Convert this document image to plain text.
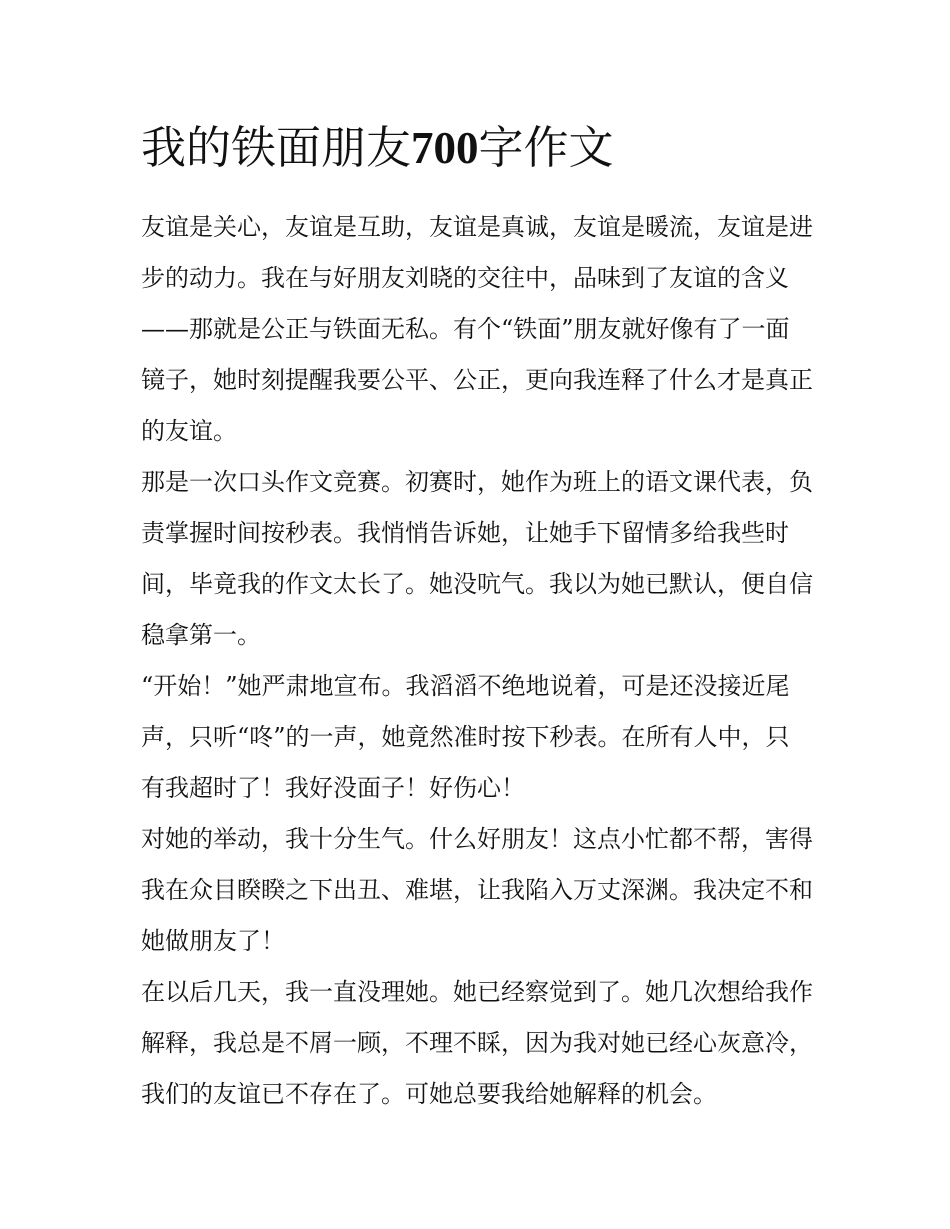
我的铁面朋友700字作文

友谊是关心，友谊是互助，友谊是真诚，友谊是暖流，友谊是进步的动力。我在与好朋友刘晓的交往中，品味到了友谊的含义——那就是公正与铁面无私。有个“铁面”朋友就好像有了一面镜子，她时刻提醒我要公平、公正，更向我连释了什么才是真正的友谊。

那是一次口头作文竞赛。初赛时，她作为班上的语文课代表，负责掌握时间按秒表。我悄悄告诉她，让她手下留情多给我些时间，毕竟我的作文太长了。她没吭气。我以为她已默认，便自信稳拿第一。

“开始！”她严肃地宣布。我滔滔不绝地说着，可是还没接近尾声，只听“咚”的一声，她竟然准时按下秒表。在所有人中，只有我超时了！我好没面子！好伤心！

对她的举动，我十分生气。什么好朋友！这点小忙都不帮，害得我在众目睽睽之下出丑、难堪，让我陷入万丈深渊。我决定不和她做朋友了！

在以后几天，我一直没理她。她已经察觉到了。她几次想给我作解释，我总是不屑一顾，不理不睬，因为我对她已经心灰意冷，我们的友谊已不存在了。可她总要我给她解释的机会。
